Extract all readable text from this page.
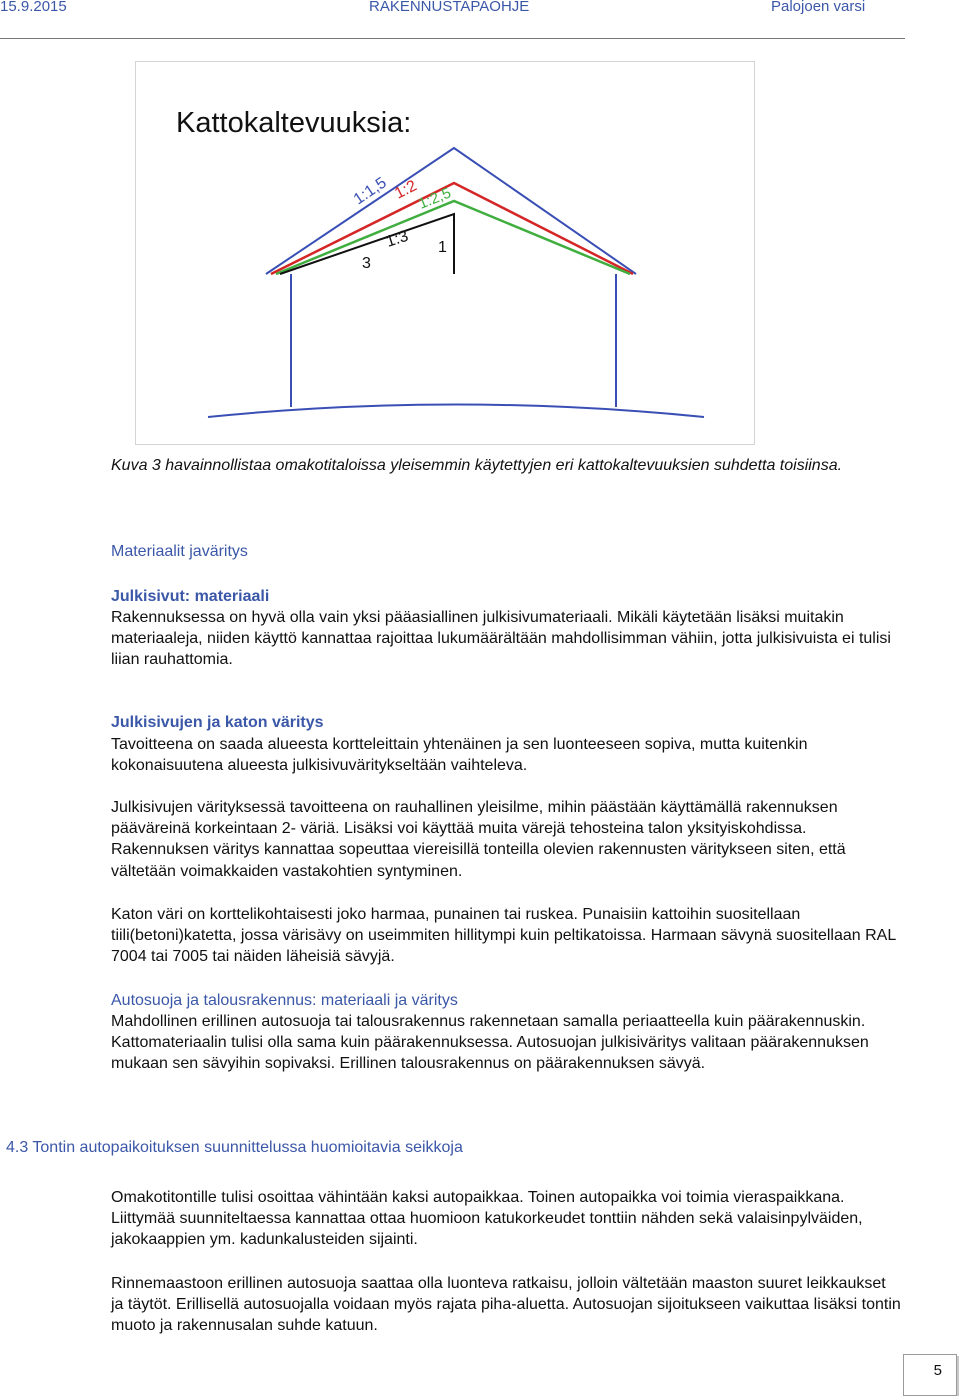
15.9.2015	RAKENNUSTAPAOHJE	Palojoen varsi
Kattokaltevuuksia:
1:1,5 1:2
1:2,5
1:3
3
1
Kuva 3 havainnollistaa omakotitaloissa yleisemmin käytettyjen eri kattokaltevuuksien suhdetta toisiinsa.
Materiaalit javäritys
Julkisivut: materiaali
Rakennuksessa on hyvä olla vain yksi pääasiallinen julkisivumateriaali. Mikäli käytetään lisäksi muitakin materiaaleja, niiden käyttö kannattaa rajoittaa lukumäärältään mahdollisimman vähiin, jotta julkisivuista ei tulisi liian rauhattomia.
Julkisivujen ja katon väritys
Tavoitteena on saada alueesta kortteleittain yhtenäinen ja sen luonteeseen sopiva, mutta kuitenkin kokonaisuutena alueesta julkisivuväritykseltään vaihteleva.
Julkisivujen värityksessä tavoitteena on rauhallinen yleisilme, mihin päästään käyttämällä rakennuksen pääväreinä korkeintaan 2- väriä. Lisäksi voi käyttää muita värejä tehosteina talon yksityiskohdissa. Rakennuksen väritys kannattaa sopeuttaa viereisillä tonteilla olevien rakennusten väritykseen siten, että vältetään voimakkaiden vastakohtien syntyminen.
Katon väri on korttelikohtaisesti joko harmaa, punainen tai ruskea. Punaisiin kattoihin suositellaan tiili(betoni)katetta, jossa värisävy on useimmiten hillitympi kuin peltikatoissa. Harmaan sävynä suositellaan RAL 7004 tai 7005 tai näiden läheisiä sävyjä.
Autosuoja ja talousrakennus: materiaali ja väritys
Mahdollinen erillinen autosuoja tai talousrakennus rakennetaan samalla periaatteella kuin päärakennuskin. Kattomateriaalin tulisi olla sama kuin päärakennuksessa. Autosuojan julkisiväritys valitaan päärakennuksen mukaan sen sävyihin sopivaksi. Erillinen talousrakennus on päärakennuksen sävyä.
4.3 Tontin autopaikoituksen suunnittelussa huomioitavia seikkoja
Omakotitontille tulisi osoittaa vähintään kaksi autopaikkaa. Toinen autopaikka voi toimia vieraspaikkana. Liittymää suunniteltaessa kannattaa ottaa huomioon katukorkeudet tonttiin nähden sekä valaisinpylväiden, jakokaappien ym. kadunkalusteiden sijainti.
Rinnemaastoon erillinen autosuoja saattaa olla luonteva ratkaisu, jolloin vältetään maaston suuret leikkaukset ja täytöt. Erillisellä autosuojalla voidaan myös rajata piha-aluetta. Autosuojan sijoitukseen vaikuttaa lisäksi tontin muoto ja rakennusalan suhde katuun.
5
